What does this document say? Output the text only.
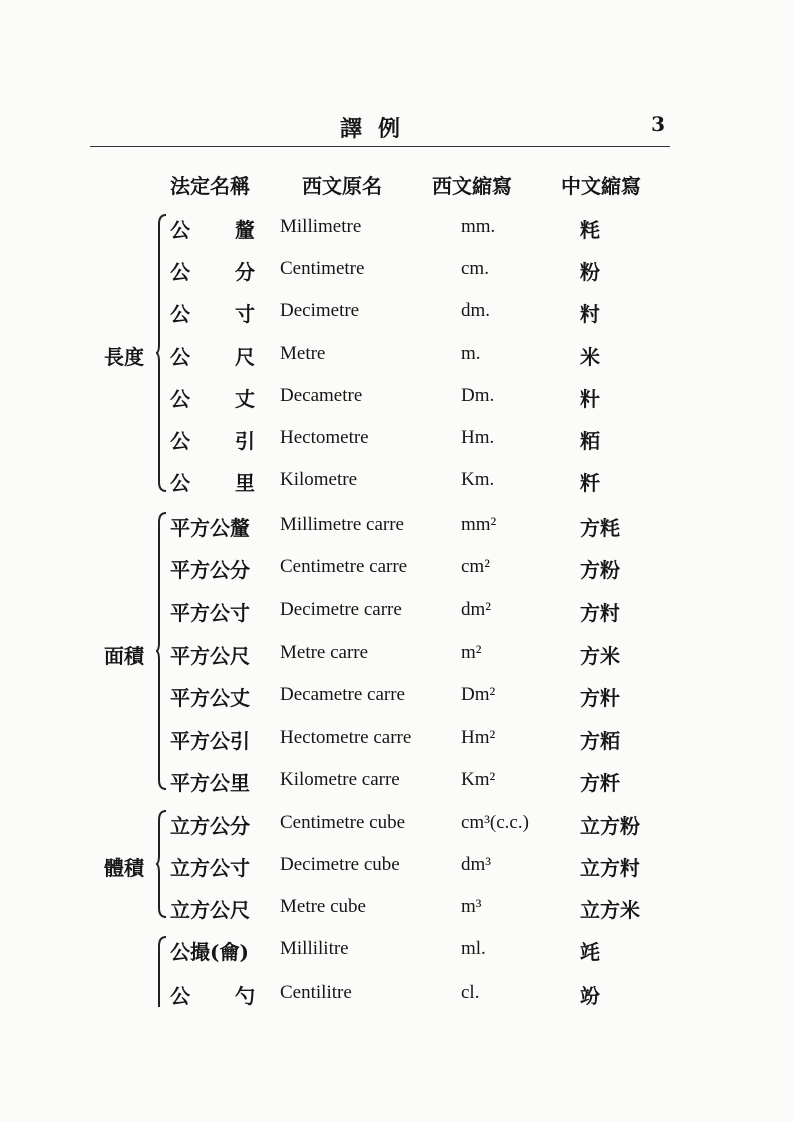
譯例	3
法定名稱	西文原名	西文縮寫 中文縮寫
長度
公 釐 Millimetre	mm.	粍
公 分 Centimetre	cm.	粉
公 寸 Decimetre	dm.	籿
公 尺 Metre	m.	米
公 丈 Decametre	Dm.	籵
公 引 Hectometre	Hm.	粨
公 里 Kilometre	Km.	粁
面積
平方公釐 Millimetre carre	mm²	方粍
平方公分 Centimetre carre	cm²	方粉
平方公寸 Decimetre carre	dm²	方籿
平方公尺 Metre carre	m²	方米
平方公丈 Decametre carre	Dm²	方籵
平方公引 Hectometre carre	Hm²	方粨
平方公里 Kilometre carre	Km²	方粁
體積
立方公分 Centimetre cube	cm³(c.c.)	立方粉
立方公寸 Decimetre cube	dm³	立方籿
立方公尺 Metre cube	m³	立方米
公撮(龠) Millilitre	ml.	竓
公 勺 Centilitre	cl.	竕
